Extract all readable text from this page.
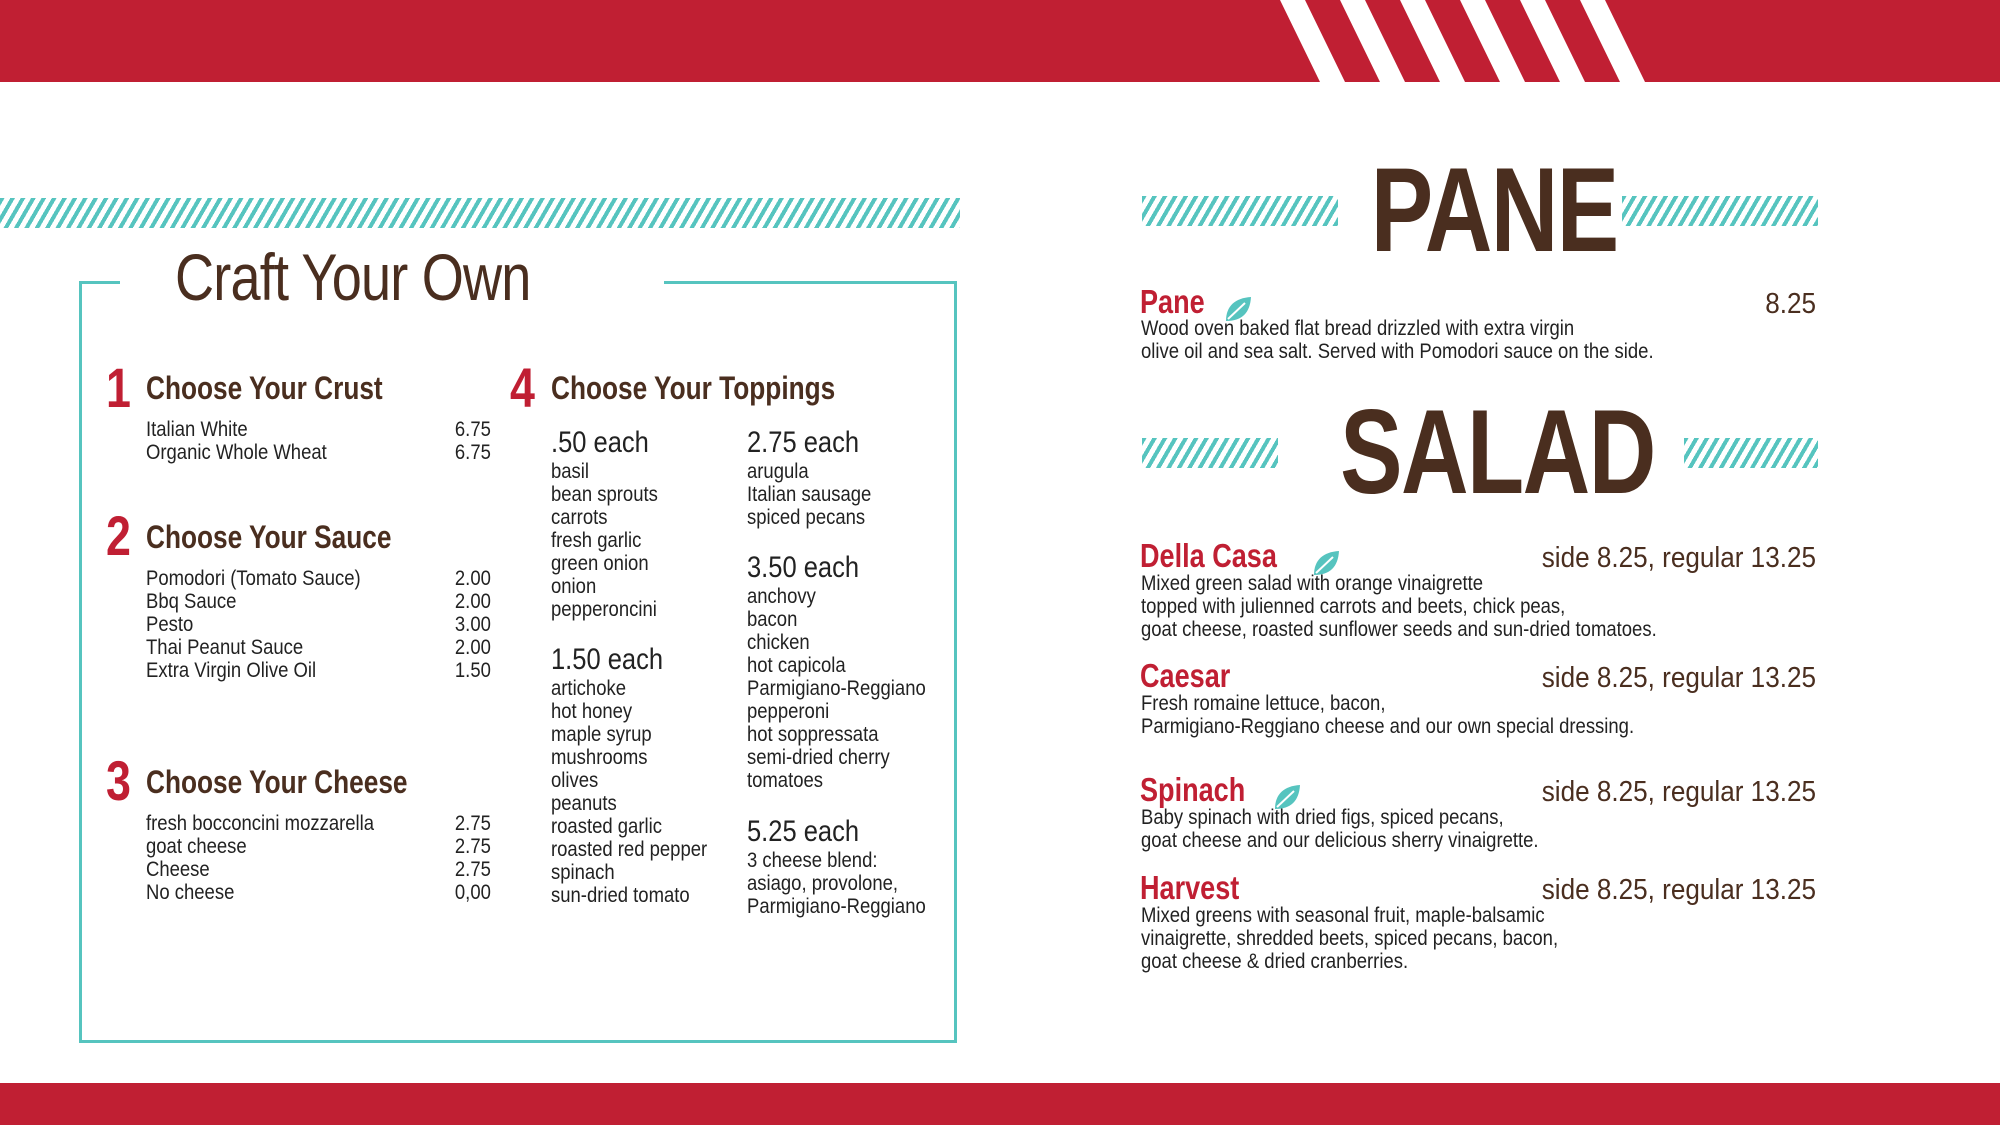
Craft Your Own
1 Choose Your Crust
Italian White	6.75
Organic Whole Wheat	6.75
2 Choose Your Sauce
Pomodori (Tomato Sauce)	2.00
Bbq Sauce	2.00
Pesto	3.00
Thai Peanut Sauce	2.00
Extra Virgin Olive Oil	1.50
3 Choose Your Cheese
fresh bocconcini mozzarella	2.75
goat cheese	2.75
Cheese	2.75
No cheese	0,00
4 Choose Your Toppings
.50 each
basil
bean sprouts
carrots
fresh garlic
green onion
onion
pepperoncini
1.50 each
artichoke
hot honey
maple syrup
mushrooms
olives
peanuts
roasted garlic
roasted red pepper
spinach
sun-dried tomato
2.75 each
arugula
Italian sausage
spiced pecans
3.50 each
anchovy
bacon
chicken
hot capicola
Parmigiano-Reggiano
pepperoni
hot soppressata
semi-dried cherry
tomatoes
5.25 each
3 cheese blend:
asiago, provolone,
Parmigiano-Reggiano
PANE
Pane	8.25
Wood oven baked flat bread drizzled with extra virgin
olive oil and sea salt. Served with Pomodori sauce on the side.
SALAD
Della Casa	side 8.25, regular 13.25
Mixed green salad with orange vinaigrette
topped with julienned carrots and beets, chick peas,
goat cheese, roasted sunflower seeds and sun-dried tomatoes.
Caesar	side 8.25, regular 13.25
Fresh romaine lettuce, bacon,
Parmigiano-Reggiano cheese and our own special dressing.
Spinach	side 8.25, regular 13.25
Baby spinach with dried figs, spiced pecans,
goat cheese and our delicious sherry vinaigrette.
Harvest	side 8.25, regular 13.25
Mixed greens with seasonal fruit, maple-balsamic
vinaigrette, shredded beets, spiced pecans, bacon,
goat cheese & dried cranberries.
